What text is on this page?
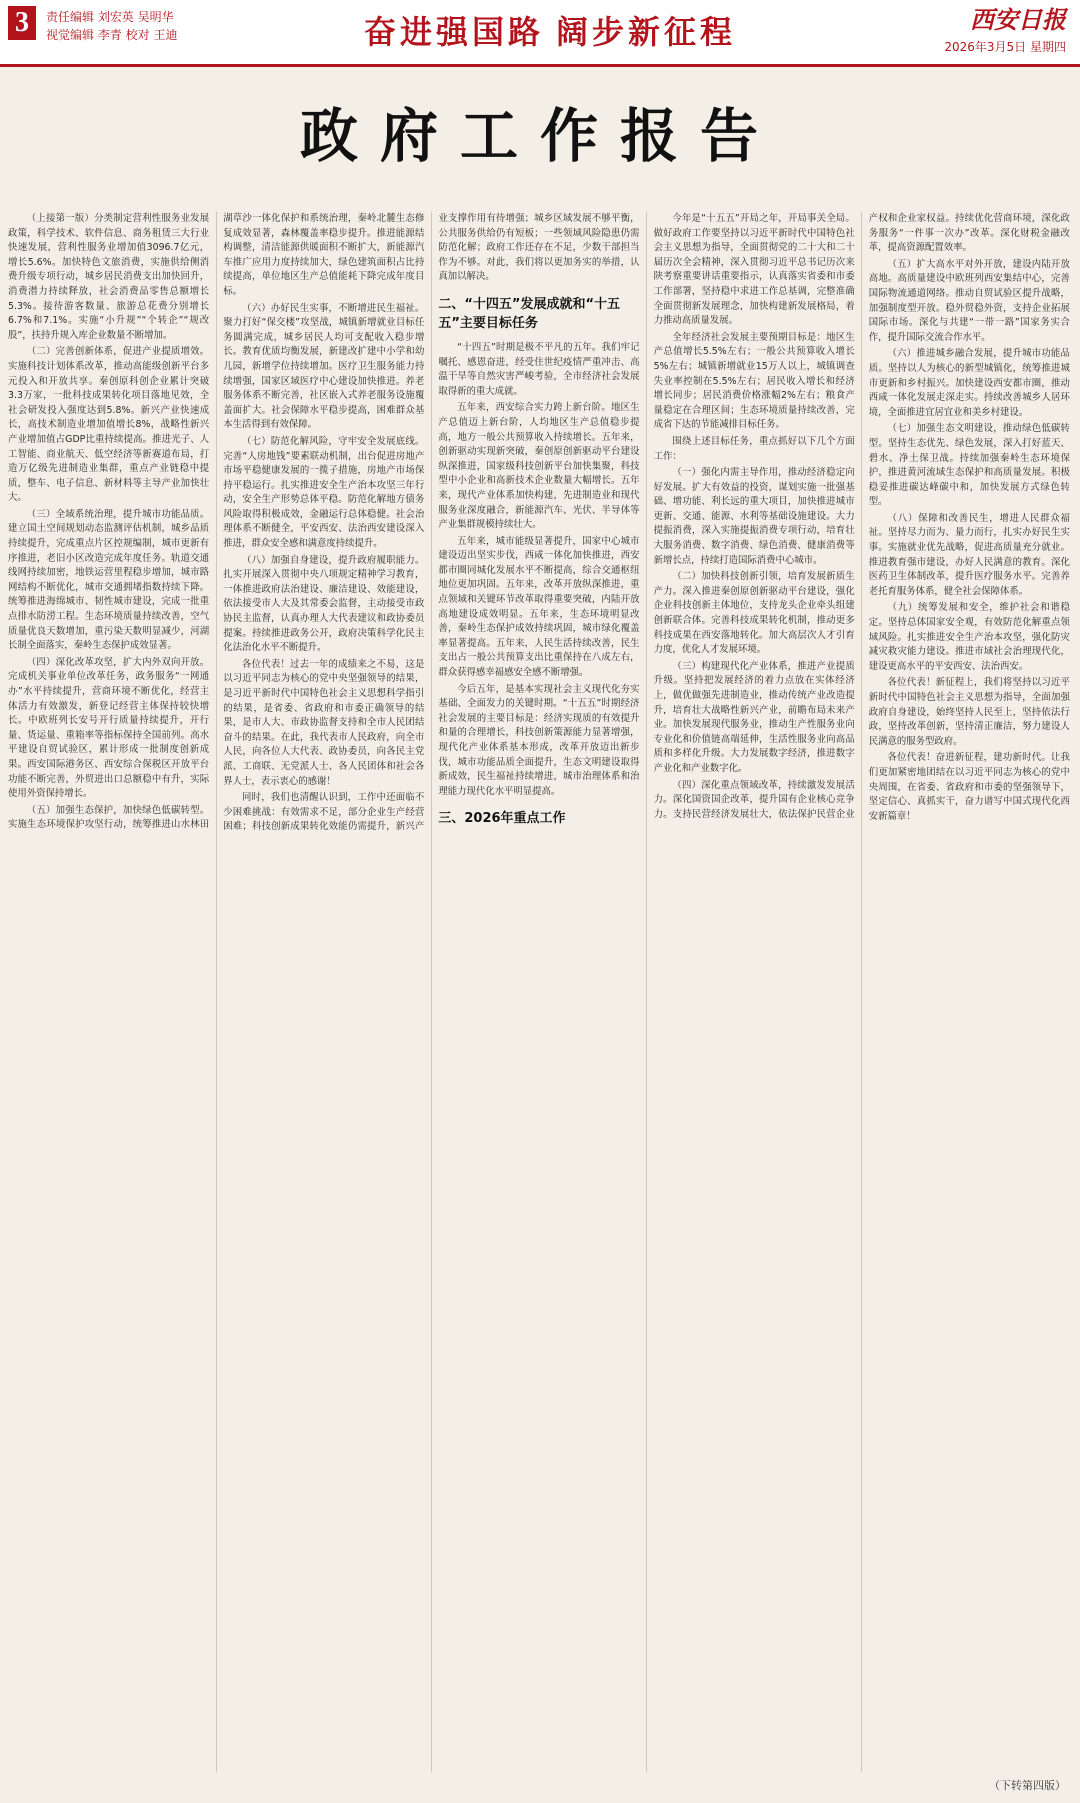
3	责任编辑 刘宏英 吴明华
视觉编辑 李青 校对 王迪	奋进强国路 阔步新征程	西安日报
2026年3月5日 星期四
政府工作报告

（上接第一版）分类制定营利性服务业发展政策，科学技术、软件信息、商务租赁三大行业快速发展，营利性服务业增加值3096.7亿元，增长5.6%。加快特色文旅消费，实施供给侧消费升级专项行动，城乡居民消费支出加快回升，消费潜力持续释放，社会消费品零售总额增长5.3%。接待游客数量、旅游总花费分别增长6.7%和7.1%。实施“小升规”“个转企”“规改股”，扶持升规入库企业数量不断增加。

（二）完善创新体系，促进产业提质增效。实施科技计划体系改革，推动高能级创新平台多元投入和开放共享。秦创原科创企业累计突破3.3万家，一批科技成果转化项目落地见效，全社会研发投入强度达到5.8%。新兴产业快速成长，高技术制造业增加值增长8%，战略性新兴产业增加值占GDP比重持续提高。推进光子、人工智能、商业航天、低空经济等新赛道布局，打造万亿级先进制造业集群，重点产业链稳中提质，整车、电子信息、新材料等主导产业加快壮大。

（三）全域系统治理，提升城市功能品质。建立国土空间规划动态监测评估机制，城乡品质持续提升，完成重点片区控规编制，城市更新有序推进，老旧小区改造完成年度任务。轨道交通线网持续加密，地铁运营里程稳步增加，城市路网结构不断优化，城市交通拥堵指数持续下降。统筹推进海绵城市、韧性城市建设，完成一批重点排水防涝工程。生态环境质量持续改善，空气质量优良天数增加，重污染天数明显减少，河湖长制全面落实，秦岭生态保护成效显著。

（四）深化改革攻坚，扩大内外双向开放。完成机关事业单位改革任务，政务服务“一网通办”水平持续提升，营商环境不断优化，经营主体活力有效激发，新登记经营主体保持较快增长。中欧班列长安号开行质量持续提升，开行量、货运量、重箱率等指标保持全国前列。高水平建设自贸试验区，累计形成一批制度创新成果。西安国际港务区、西安综合保税区开放平台功能不断完善，外贸进出口总额稳中有升，实际使用外资保持增长。

（五）加强生态保护，加快绿色低碳转型。实施生态环境保护攻坚行动，统筹推进山水林田湖草沙一体化保护和系统治理，秦岭北麓生态修复成效显著，森林覆盖率稳步提升。推进能源结构调整，清洁能源供暖面积不断扩大，新能源汽车推广应用力度持续加大，绿色建筑面积占比持续提高，单位地区生产总值能耗下降完成年度目标。

（六）办好民生实事，不断增进民生福祉。聚力打好“保交楼”攻坚战，城镇新增就业目标任务圆满完成，城乡居民人均可支配收入稳步增长。教育优质均衡发展，新建改扩建中小学和幼儿园，新增学位持续增加。医疗卫生服务能力持续增强，国家区域医疗中心建设加快推进。养老服务体系不断完善，社区嵌入式养老服务设施覆盖面扩大。社会保障水平稳步提高，困难群众基本生活得到有效保障。

（七）防范化解风险，守牢安全发展底线。完善“人房地钱”要素联动机制，出台促进房地产市场平稳健康发展的一揽子措施，房地产市场保持平稳运行。扎实推进安全生产治本攻坚三年行动，安全生产形势总体平稳。防范化解地方债务风险取得积极成效，金融运行总体稳健。社会治理体系不断健全，平安西安、法治西安建设深入推进，群众安全感和满意度持续提升。

（八）加强自身建设，提升政府履职能力。扎实开展深入贯彻中央八项规定精神学习教育，一体推进政府法治建设、廉洁建设、效能建设，依法接受市人大及其常委会监督，主动接受市政协民主监督，认真办理人大代表建议和政协委员提案。持续推进政务公开，政府决策科学化民主化法治化水平不断提升。

各位代表！过去一年的成绩来之不易，这是以习近平同志为核心的党中央坚强领导的结果，是习近平新时代中国特色社会主义思想科学指引的结果，是省委、省政府和市委正确领导的结果，是市人大、市政协监督支持和全市人民团结奋斗的结果。在此，我代表市人民政府，向全市人民，向各位人大代表、政协委员，向各民主党派、工商联、无党派人士、各人民团体和社会各界人士，表示衷心的感谢！

同时，我们也清醒认识到，工作中还面临不少困难挑战：有效需求不足，部分企业生产经营困难；科技创新成果转化效能仍需提升，新兴产业支撑作用有待增强；城乡区域发展不够平衡，公共服务供给仍有短板；一些领域风险隐患仍需防范化解；政府工作还存在不足，少数干部担当作为不够。对此，我们将以更加务实的举措，认真加以解决。

二、“十四五”发展成就和“十五五”主要目标任务

“十四五”时期是极不平凡的五年。我们牢记嘱托、感恩奋进，经受住世纪疫情严重冲击、高温干旱等自然灾害严峻考验，全市经济社会发展取得新的重大成就。

五年来，西安综合实力跨上新台阶。地区生产总值迈上新台阶，人均地区生产总值稳步提高，地方一般公共预算收入持续增长。五年来，创新驱动实现新突破，秦创原创新驱动平台建设纵深推进，国家级科技创新平台加快集聚，科技型中小企业和高新技术企业数量大幅增长。五年来，现代产业体系加快构建，先进制造业和现代服务业深度融合，新能源汽车、光伏、半导体等产业集群规模持续壮大。

五年来，城市能级显著提升，国家中心城市建设迈出坚实步伐，西咸一体化加快推进，西安都市圈同城化发展水平不断提高，综合交通枢纽地位更加巩固。五年来，改革开放纵深推进，重点领域和关键环节改革取得重要突破，内陆开放高地建设成效明显。五年来，生态环境明显改善，秦岭生态保护成效持续巩固，城市绿化覆盖率显著提高。五年来，人民生活持续改善，民生支出占一般公共预算支出比重保持在八成左右，群众获得感幸福感安全感不断增强。

今后五年，是基本实现社会主义现代化夯实基础、全面发力的关键时期。“十五五”时期经济社会发展的主要目标是：经济实现质的有效提升和量的合理增长，科技创新策源能力显著增强，现代化产业体系基本形成，改革开放迈出新步伐，城市功能品质全面提升，生态文明建设取得新成效，民生福祉持续增进，城市治理体系和治理能力现代化水平明显提高。

三、2026年重点工作

今年是“十五五”开局之年，开局事关全局。做好政府工作要坚持以习近平新时代中国特色社会主义思想为指导，全面贯彻党的二十大和二十届历次全会精神，深入贯彻习近平总书记历次来陕考察重要讲话重要指示，认真落实省委和市委工作部署，坚持稳中求进工作总基调，完整准确全面贯彻新发展理念，加快构建新发展格局，着力推动高质量发展。

全年经济社会发展主要预期目标是：地区生产总值增长5.5%左右；一般公共预算收入增长5%左右；城镇新增就业15万人以上，城镇调查失业率控制在5.5%左右；居民收入增长和经济增长同步；居民消费价格涨幅2%左右；粮食产量稳定在合理区间；生态环境质量持续改善，完成省下达的节能减排目标任务。

围绕上述目标任务，重点抓好以下几个方面工作：

（一）强化内需主导作用，推动经济稳定向好发展。扩大有效益的投资，谋划实施一批强基础、增功能、利长远的重大项目，加快推进城市更新、交通、能源、水利等基础设施建设。大力提振消费，深入实施提振消费专项行动，培育壮大服务消费、数字消费、绿色消费、健康消费等新增长点，持续打造国际消费中心城市。

（二）加快科技创新引领，培育发展新质生产力。深入推进秦创原创新驱动平台建设，强化企业科技创新主体地位，支持龙头企业牵头组建创新联合体。完善科技成果转化机制，推动更多科技成果在西安落地转化。加大高层次人才引育力度，优化人才发展环境。

（三）构建现代化产业体系，推进产业提质升级。坚持把发展经济的着力点放在实体经济上，做优做强先进制造业，推动传统产业改造提升，培育壮大战略性新兴产业，前瞻布局未来产业。加快发展现代服务业，推动生产性服务业向专业化和价值链高端延伸，生活性服务业向高品质和多样化升级。大力发展数字经济，推进数字产业化和产业数字化。

（四）深化重点领域改革，持续激发发展活力。深化国资国企改革，提升国有企业核心竞争力。支持民营经济发展壮大，依法保护民营企业产权和企业家权益。持续优化营商环境，深化政务服务“一件事一次办”改革。深化财税金融改革，提高资源配置效率。

（五）扩大高水平对外开放，建设内陆开放高地。高质量建设中欧班列西安集结中心，完善国际物流通道网络。推动自贸试验区提升战略，加强制度型开放。稳外贸稳外资，支持企业拓展国际市场。深化与共建“一带一路”国家务实合作，提升国际交流合作水平。

（六）推进城乡融合发展，提升城市功能品质。坚持以人为核心的新型城镇化，统筹推进城市更新和乡村振兴。加快建设西安都市圈，推动西咸一体化发展走深走实。持续改善城乡人居环境，全面推进宜居宜业和美乡村建设。

（七）加强生态文明建设，推动绿色低碳转型。坚持生态优先、绿色发展，深入打好蓝天、碧水、净土保卫战。持续加强秦岭生态环境保护，推进黄河流域生态保护和高质量发展。积极稳妥推进碳达峰碳中和，加快发展方式绿色转型。

（八）保障和改善民生，增进人民群众福祉。坚持尽力而为、量力而行，扎实办好民生实事。实施就业优先战略，促进高质量充分就业。推进教育强市建设，办好人民满意的教育。深化医药卫生体制改革，提升医疗服务水平。完善养老托育服务体系，健全社会保障体系。

（九）统筹发展和安全，维护社会和谐稳定。坚持总体国家安全观，有效防范化解重点领域风险。扎实推进安全生产治本攻坚，强化防灾减灾救灾能力建设。推进市域社会治理现代化，建设更高水平的平安西安、法治西安。

各位代表！新征程上，我们将坚持以习近平新时代中国特色社会主义思想为指导，全面加强政府自身建设，始终坚持人民至上，坚持依法行政，坚持改革创新，坚持清正廉洁，努力建设人民满意的服务型政府。

各位代表！奋进新征程，建功新时代。让我们更加紧密地团结在以习近平同志为核心的党中央周围，在省委、省政府和市委的坚强领导下，坚定信心、真抓实干，奋力谱写中国式现代化西安新篇章！

（下转第四版）
